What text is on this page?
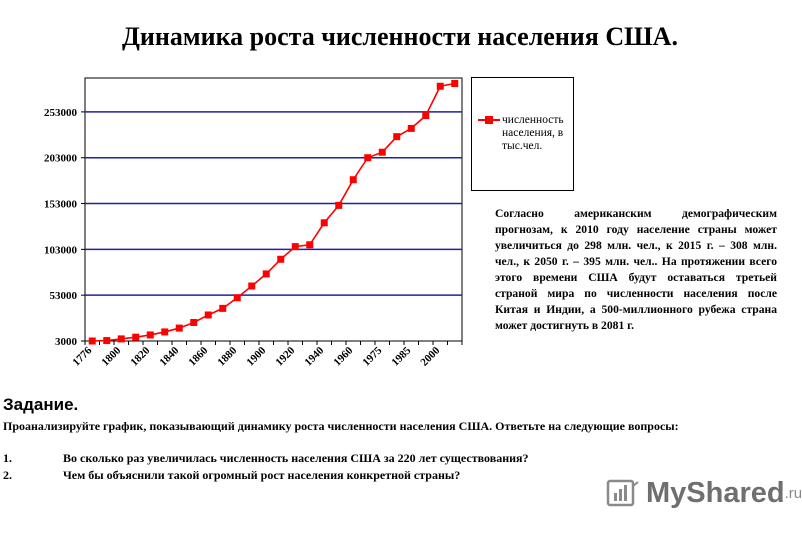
Динамика роста численности населения США.
3000
53000
103000
153000
203000
253000
1776 1800 1820 1840 1860 1880 1900 1920 1940 1960 1975 1985 2000
численность населения, в тыс.чел.
Согласно американским демографическим прогнозам, к 2010 году население страны может увеличиться до 298 млн. чел., к 2015 г. – 308 млн. чел., к 2050 г. – 395 млн. чел.. На протяжении всего этого времени США будут оставаться третьей страной мира по численности населения после Китая и Индии, а 500-миллионного рубежа страна может достигнуть в 2081 г.
Задание.
Проанализируйте график, показывающий динамику роста численности населения США. Ответьте на следующие вопросы:
1.	Во сколько раз увеличилась численность населения США за 220 лет существования?
2.	Чем бы объяснили такой огромный рост населения конкретной страны?
MyShared .ru
